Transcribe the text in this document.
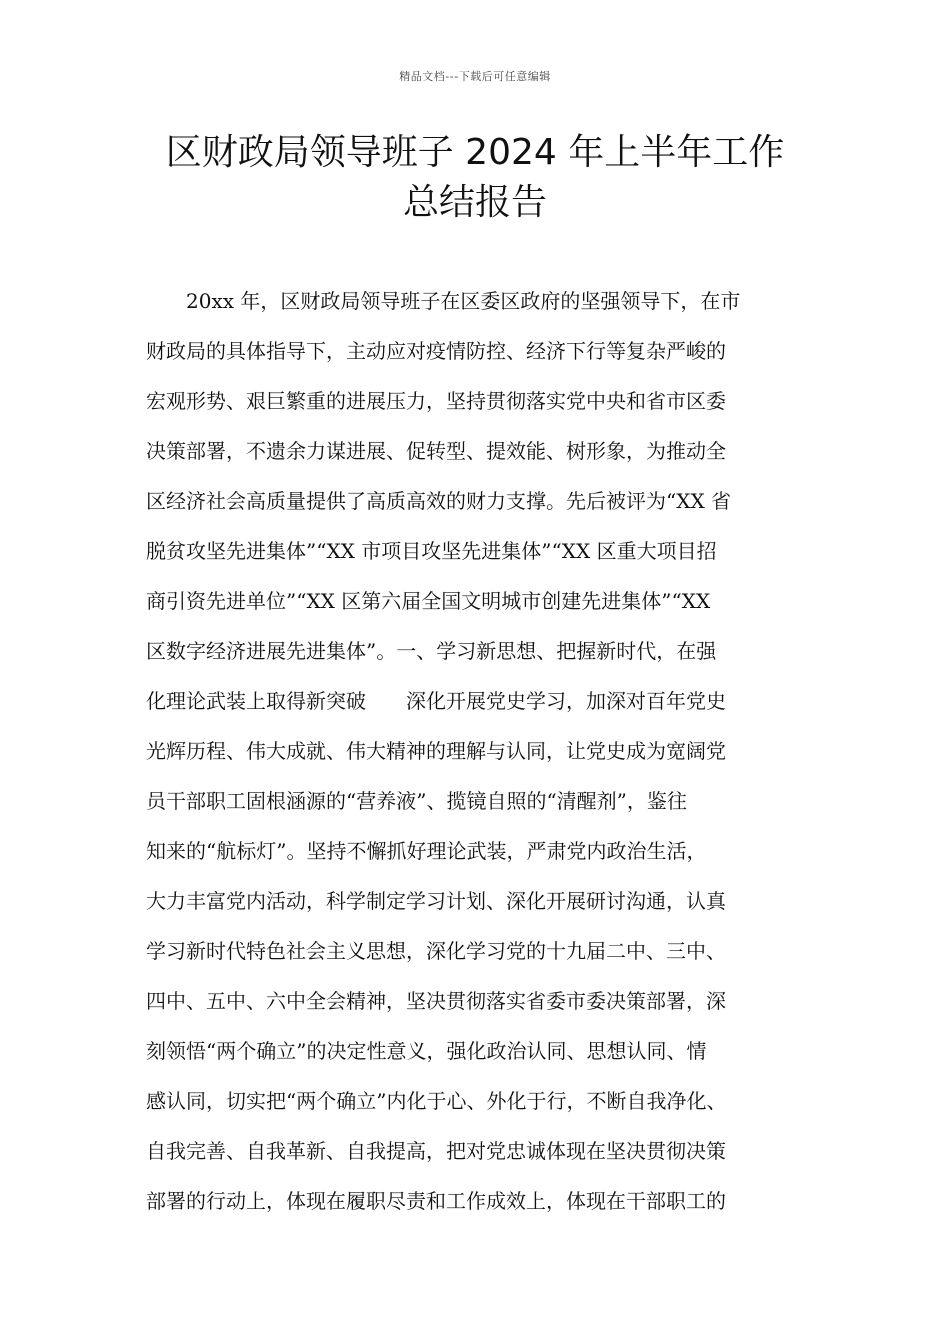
精品文档---下载后可任意编辑
区财政局领导班子 2024 年上半年工作
总结报告
20xx 年，区财政局领导班子在区委区政府的坚强领导下，在市
财政局的具体指导下，主动应对疫情防控、经济下行等复杂严峻的
宏观形势、艰巨繁重的进展压力，坚持贯彻落实党中央和省市区委
决策部署，不遗余力谋进展、促转型、提效能、树形象，为推动全
区经济社会高质量提供了高质高效的财力支撑。先后被评为“XX 省
脱贫攻坚先进集体”“XX 市项目攻坚先进集体”“XX 区重大项目招
商引资先进单位”“XX 区第六届全国文明城市创建先进集体”“XX
区数字经济进展先进集体”。一、学习新思想、把握新时代，在强
化理论武装上取得新突破　　深化开展党史学习，加深对百年党史
光辉历程、伟大成就、伟大精神的理解与认同，让党史成为宽阔党
员干部职工固根涵源的“营养液”、揽镜自照的“清醒剂”，鉴往
知来的“航标灯”。坚持不懈抓好理论武装，严肃党内政治生活，
大力丰富党内活动，科学制定学习计划、深化开展研讨沟通，认真
学习新时代特色社会主义思想，深化学习党的十九届二中、三中、
四中、五中、六中全会精神，坚决贯彻落实省委市委决策部署，深
刻领悟“两个确立”的决定性意义，强化政治认同、思想认同、情
感认同，切实把“两个确立”内化于心、外化于行，不断自我净化、
自我完善、自我革新、自我提高，把对党忠诚体现在坚决贯彻决策
部署的行动上，体现在履职尽责和工作成效上，体现在干部职工的
